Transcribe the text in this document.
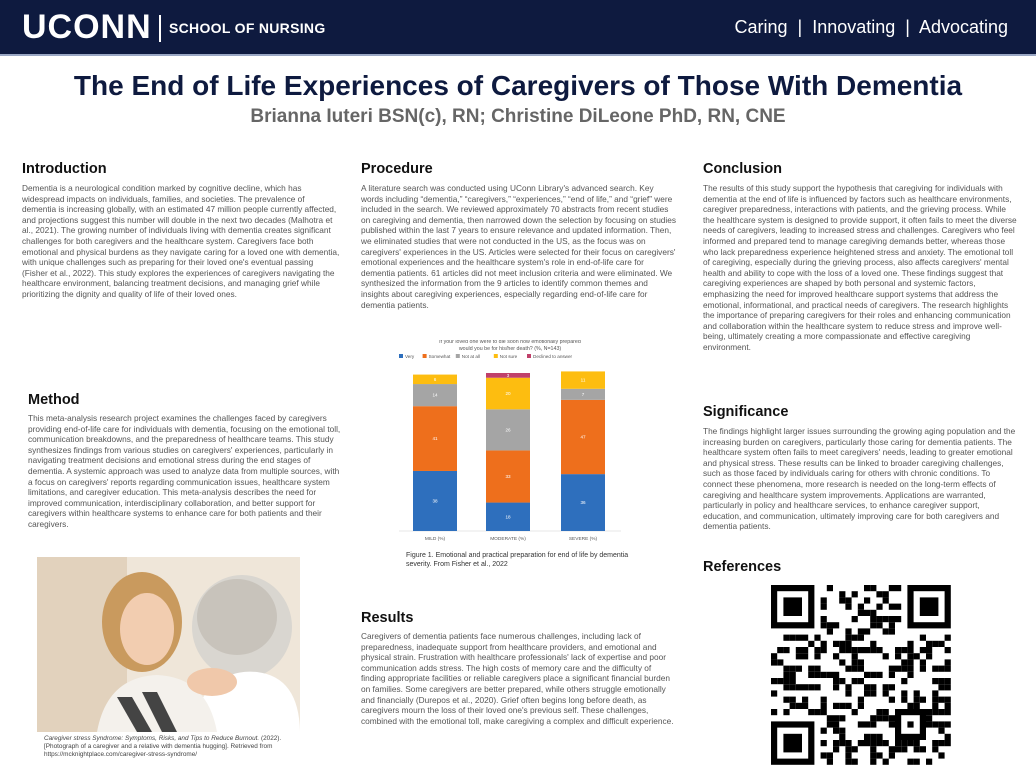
UCONN SCHOOL OF NURSING	Caring  |  Innovating  |  Advocating
The End of Life Experiences of Caregivers of Those With Dementia
Brianna Iuteri BSN(c), RN; Christine DiLeone PhD, RN, CNE
Introduction
Dementia is a neurological condition marked by cognitive decline, which has widespread impacts on individuals, families, and societies. The prevalence of dementia is increasing globally, with an estimated 47 million people currently affected, and projections suggest this number will double in the next two decades (Malhotra et al., 2021). The growing number of individuals living with dementia creates significant challenges for both caregivers and the healthcare system. Caregivers face both emotional and physical burdens as they navigate caring for a loved one with dementia, with unique challenges such as preparing for their loved one's eventual passing (Fisher et al., 2022). This study explores the experiences of caregivers navigating the healthcare environment, balancing treatment decisions, and managing grief while prioritizing the dignity and quality of life of their loved ones.
Method
This meta-analysis research project examines the challenges faced by caregivers providing end-of-life care for individuals with dementia, focusing on the emotional toll, communication breakdowns, and the preparedness of healthcare teams. This study synthesizes findings from various studies on caregivers' experiences, particularly in navigating treatment decisions and emotional stress during the end stages of dementia. A systemic approach was used to analyze data from multiple sources, with a focus on caregivers' reports regarding communication issues, healthcare system limitations, and caregiver education. This meta-analysis describes the need for improved communication, interdisciplinary collaboration, and better support for caregivers within healthcare systems to enhance care for both patients and their caregivers.
Caregiver stress Syndrome: Symptoms, Risks, and Tips to Reduce Burnout. (2022). [Photograph of a caregiver and a relative with dementia hugging]. Retrieved from https://mcknightplace.com/caregiver-stress-syndrome/
Procedure
A literature search was conducted using UConn Library's advanced search. Key words including “dementia,” “caregivers,” “experiences,” “end of life,” and “grief” were included in the search. We reviewed approximately 70 abstracts from recent studies on caregiving and dementia, then narrowed down the selection by focusing on studies published within the last 7 years to ensure relevance and updated information. Then, we eliminated studies that were not conducted in the US, as the focus was on caregivers' experiences in the US. Articles were selected for their focus on caregivers' emotional experiences and the healthcare system's role in end-of-life care for dementia patients. 61 articles did not meet inclusion criteria and were eliminated. We synthesized the information from the 9 articles to identify common themes and insights about caregiving experiences, especially regarding end-of-life care for dementia patients.
If your loved one were to die soon how emotionally prepared
would you be for his/her death? (%, N=143)
Very	Somewhat Not at all	Not sure	Declined to answer
38
41
14
6
18
33
26
20
3
36
47
7
11
MILD (%)	MODERATE (%)	SEVERE (%)
Figure 1. Emotional and practical preparation for end of life by dementia severity. From Fisher et al., 2022
Results
Caregivers of dementia patients face numerous challenges, including lack of preparedness, inadequate support from healthcare providers, and emotional and physical strain. Frustration with healthcare professionals' lack of expertise and poor communication adds stress. The high costs of memory care and the difficulty of finding appropriate facilities or reliable caregivers place a significant financial burden on families. Some caregivers are better prepared, while others struggle emotionally and financially (Durepos et al., 2020). Grief often begins long before death, as caregivers mourn the loss of their loved one's previous self. These challenges, combined with the emotional toll, make caregiving a complex and difficult experience.
Conclusion
The results of this study support the hypothesis that caregiving for individuals with dementia at the end of life is influenced by factors such as healthcare environments, caregiver preparedness, interactions with patients, and the grieving process. While the healthcare system is designed to provide support, it often fails to meet the diverse needs of caregivers, leading to increased stress and challenges. Caregivers who feel informed and prepared tend to manage caregiving demands better, whereas those who lack preparedness experience heightened stress and anxiety. The emotional toll of caregiving, especially during the grieving process, also affects caregivers' mental health and ability to cope with the loss of a loved one. These findings suggest that caregiving experiences are shaped by both personal and systemic factors, emphasizing the need for improved healthcare support systems that address the emotional, informational, and practical needs of caregivers. The research highlights the importance of preparing caregivers for their roles and enhancing communication and collaboration within the healthcare system to reduce stress and improve well-being, ultimately creating a more compassionate and effective caregiving environment.
Significance
The findings highlight larger issues surrounding the growing aging population and the increasing burden on caregivers, particularly those caring for dementia patients. The healthcare system often fails to meet caregivers' needs, leading to greater emotional and physical stress. These results can be linked to broader caregiving challenges, such as those faced by individuals caring for others with chronic conditions. To connect these phenomena, more research is needed on the long-term effects of caregiving and healthcare system improvements. Applications are warranted, particularly in policy and healthcare services, to enhance caregiver support, education, and communication, ultimately improving care for both caregivers and dementia patients.
References
